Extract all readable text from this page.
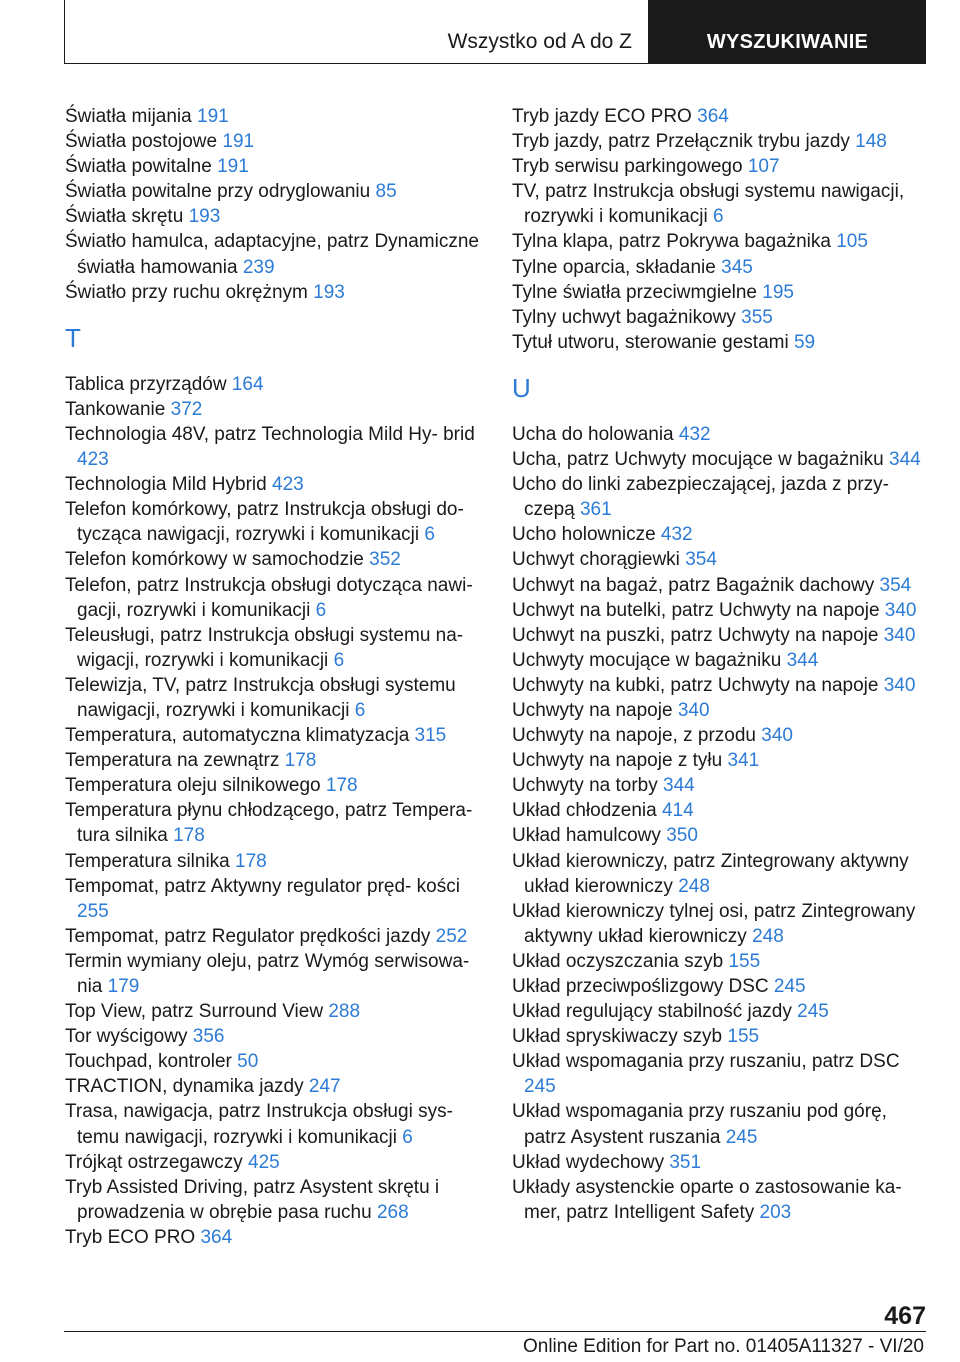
Wszystko od A do Z	WYSZUKIWANIE
Światła mijania 191
Światła postojowe 191
Światła powitalne 191
Światła powitalne przy odryglowaniu 85
Światła skrętu 193
Światło hamulca, adaptacyjne, patrz Dynamiczne światła hamowania 239
Światło przy ruchu okrężnym 193
T
Tablica przyrządów 164
Tankowanie 372
Technologia 48V, patrz Technologia Mild Hy‐ brid 423
Technologia Mild Hybrid 423
Telefon komórkowy, patrz Instrukcja obsługi do‐ tycząca nawigacji, rozrywki i komunikacji 6
Telefon komórkowy w samochodzie 352
Telefon, patrz Instrukcja obsługi dotycząca nawi‐ gacji, rozrywki i komunikacji 6
Teleusługi, patrz Instrukcja obsługi systemu na‐ wigacji, rozrywki i komunikacji 6
Telewizja, TV, patrz Instrukcja obsługi systemu nawigacji, rozrywki i komunikacji 6
Temperatura, automatyczna klimatyzacja 315
Temperatura na zewnątrz 178
Temperatura oleju silnikowego 178
Temperatura płynu chłodzącego, patrz Tempera‐ tura silnika 178
Temperatura silnika 178
Tempomat, patrz Aktywny regulator pręd‐ kości 255
Tempomat, patrz Regulator prędkości jazdy 252
Termin wymiany oleju, patrz Wymóg serwisowa‐ nia 179
Top View, patrz Surround View 288
Tor wyścigowy 356
Touchpad, kontroler 50
TRACTION, dynamika jazdy 247
Trasa, nawigacja, patrz Instrukcja obsługi sys‐ temu nawigacji, rozrywki i komunikacji 6
Trójkąt ostrzegawczy 425
Tryb Assisted Driving, patrz Asystent skrętu i prowadzenia w obrębie pasa ruchu 268
Tryb ECO PRO 364
Tryb jazdy ECO PRO 364
Tryb jazdy, patrz Przełącznik trybu jazdy 148
Tryb serwisu parkingowego 107
TV, patrz Instrukcja obsługi systemu nawigacji, rozrywki i komunikacji 6
Tylna klapa, patrz Pokrywa bagażnika 105
Tylne oparcia, składanie 345
Tylne światła przeciwmgielne 195
Tylny uchwyt bagażnikowy 355
Tytuł utworu, sterowanie gestami 59
U
Ucha do holowania 432
Ucha, patrz Uchwyty mocujące w bagażniku 344
Ucho do linki zabezpieczającej, jazda z przy‐ czepą 361
Ucho holownicze 432
Uchwyt chorągiewki 354
Uchwyt na bagaż, patrz Bagażnik dachowy 354
Uchwyt na butelki, patrz Uchwyty na napoje 340
Uchwyt na puszki, patrz Uchwyty na napoje 340
Uchwyty mocujące w bagażniku 344
Uchwyty na kubki, patrz Uchwyty na napoje 340
Uchwyty na napoje 340
Uchwyty na napoje, z przodu 340
Uchwyty na napoje z tyłu 341
Uchwyty na torby 344
Układ chłodzenia 414
Układ hamulcowy 350
Układ kierowniczy, patrz Zintegrowany aktywny układ kierowniczy 248
Układ kierowniczy tylnej osi, patrz Zintegrowany aktywny układ kierowniczy 248
Układ oczyszczania szyb 155
Układ przeciwpoślizgowy DSC 245
Układ regulujący stabilność jazdy 245
Układ spryskiwaczy szyb 155
Układ wspomagania przy ruszaniu, patrz DSC 245
Układ wspomagania przy ruszaniu pod górę, patrz Asystent ruszania 245
Układ wydechowy 351
Układy asystenckie oparte o zastosowanie ka‐ mer, patrz Intelligent Safety 203
467
Online Edition for Part no. 01405A11327 - VI/20
